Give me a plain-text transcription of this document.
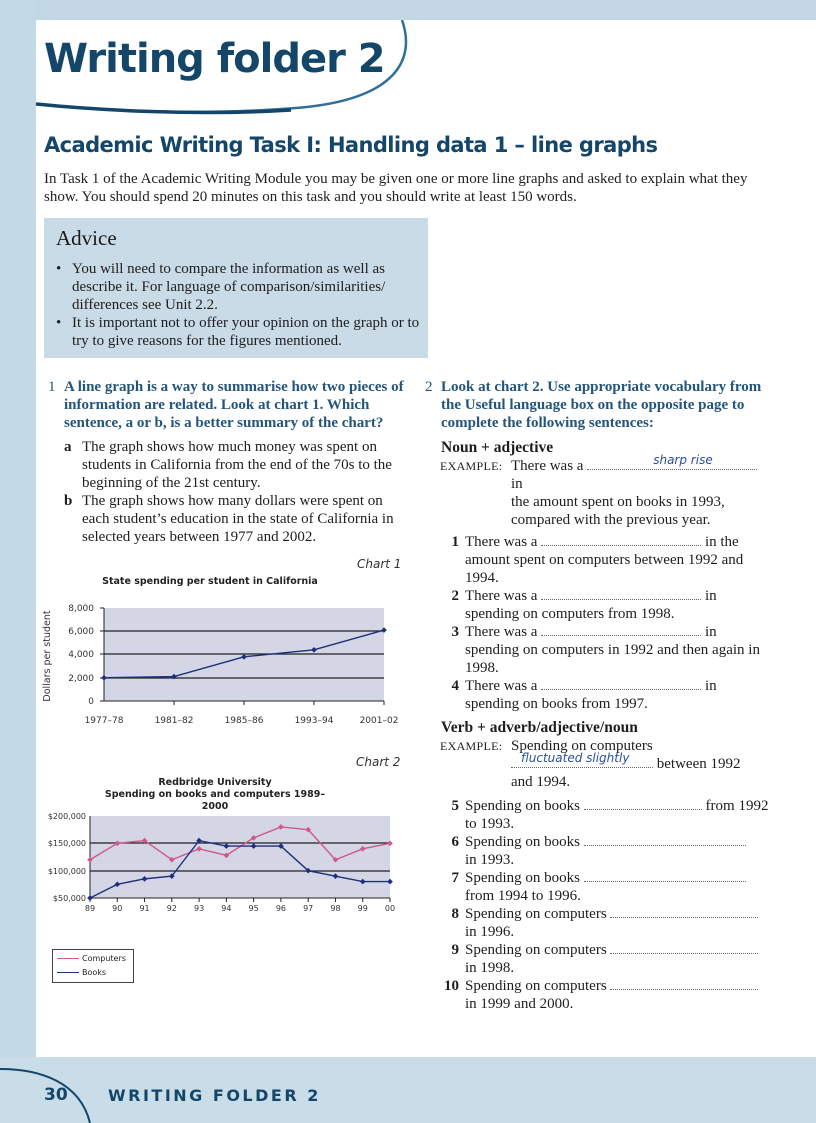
Writing folder 2
Academic Writing Task I: Handling data 1 – line graphs
In Task 1 of the Academic Writing Module you may be given one or more line graphs and asked to explain what they show. You should spend 20 minutes on this task and you should write at least 150 words.
Advice
• You will need to compare the information as well as describe it. For language of comparison/similarities/ differences see Unit 2.2.
• It is important not to offer your opinion on the graph or to try to give reasons for the figures mentioned.
1 A line graph is a way to summarise how two pieces of information are related. Look at chart 1. Which sentence, a or b, is a better summary of the chart?
a The graph shows how much money was spent on students in California from the end of the 70s to the beginning of the 21st century.
b The graph shows how many dollars were spent on each student’s education in the state of California in selected years between 1977 and 2002.
Chart 1
State spending per student in California
8,000
6,000
4,000
2,000
0
Dollars per student
1977–78	1981–82	1985–86	1993–94	2001–02
Chart 2
Redbridge University
Spending on books and computers 1989–2000
$200,000
$150,000
$100,000
$50,000
89 90 91 92 93 94 95 96 97 98 99 00
Computers
Books
2 Look at chart 2. Use appropriate vocabulary from the Useful language box on the opposite page to complete the following sentences:
Noun + adjective
EXAMPLE: There was a	sharp rise
in
the amount spent on books in 1993, compared with the previous year.
1 There was a	in the amount spent on computers between 1992 and 1994.
2 There was a	in spending on computers from 1998.
3 There was a	in spending on computers in 1992 and then again in 1998.
4 There was a	in spending on books from 1997.
Verb + adverb/adjective/noun
EXAMPLE: Spending on computers

fluctuated slightly between 1992
and 1994.
5 Spending on books	from 1992 to 1993.
6 Spending on books
in 1993.
7 Spending on books
from 1994 to 1996.
8 Spending on computers
in 1996.
9 Spending on computers
in 1998.
10 Spending on computers
in 1999 and 2000.
30	WRITING FOLDER 2
